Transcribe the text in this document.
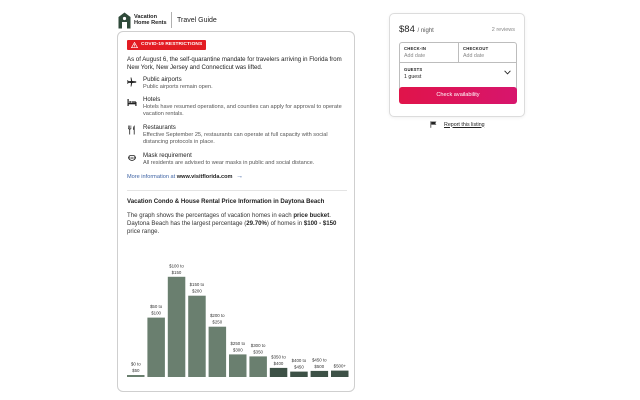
Vacation Home Rents Travel Guide
COVID-19 RESTRICTIONS
As of August 6, the self-quarantine mandate for travelers arriving in Florida from New York, New Jersey and Connecticut was lifted.
Public airports
Public airports remain open.
Hotels
Hotels have resumed operations, and counties can apply for approval to operate vacation rentals.
Restaurants
Effective September 25, restaurants can operate at full capacity with social distancing protocols in place.
Mask requirement
All residents are advised to wear masks in public and social distance.
More information at www.visitflorida.com →
Vacation Condo & House Rental Price Information in Daytona Beach
The graph shows the percentages of vacation homes in each price bucket. Daytona Beach has the largest percentage (29.70%) of homes in $100 - $150 price range.
$0 to $50
$50 to $100
$100 to $150
$150 to $200
$200 to $250
$250 to $300
$300 to $350
$350 to $400
$400 to $450
$450 to $500	$500+
$84 / night	2 reviews
CHECK-IN
Add date
CHECKOUT
Add date
GUESTS
1 guest
Check availability
Report this listing
